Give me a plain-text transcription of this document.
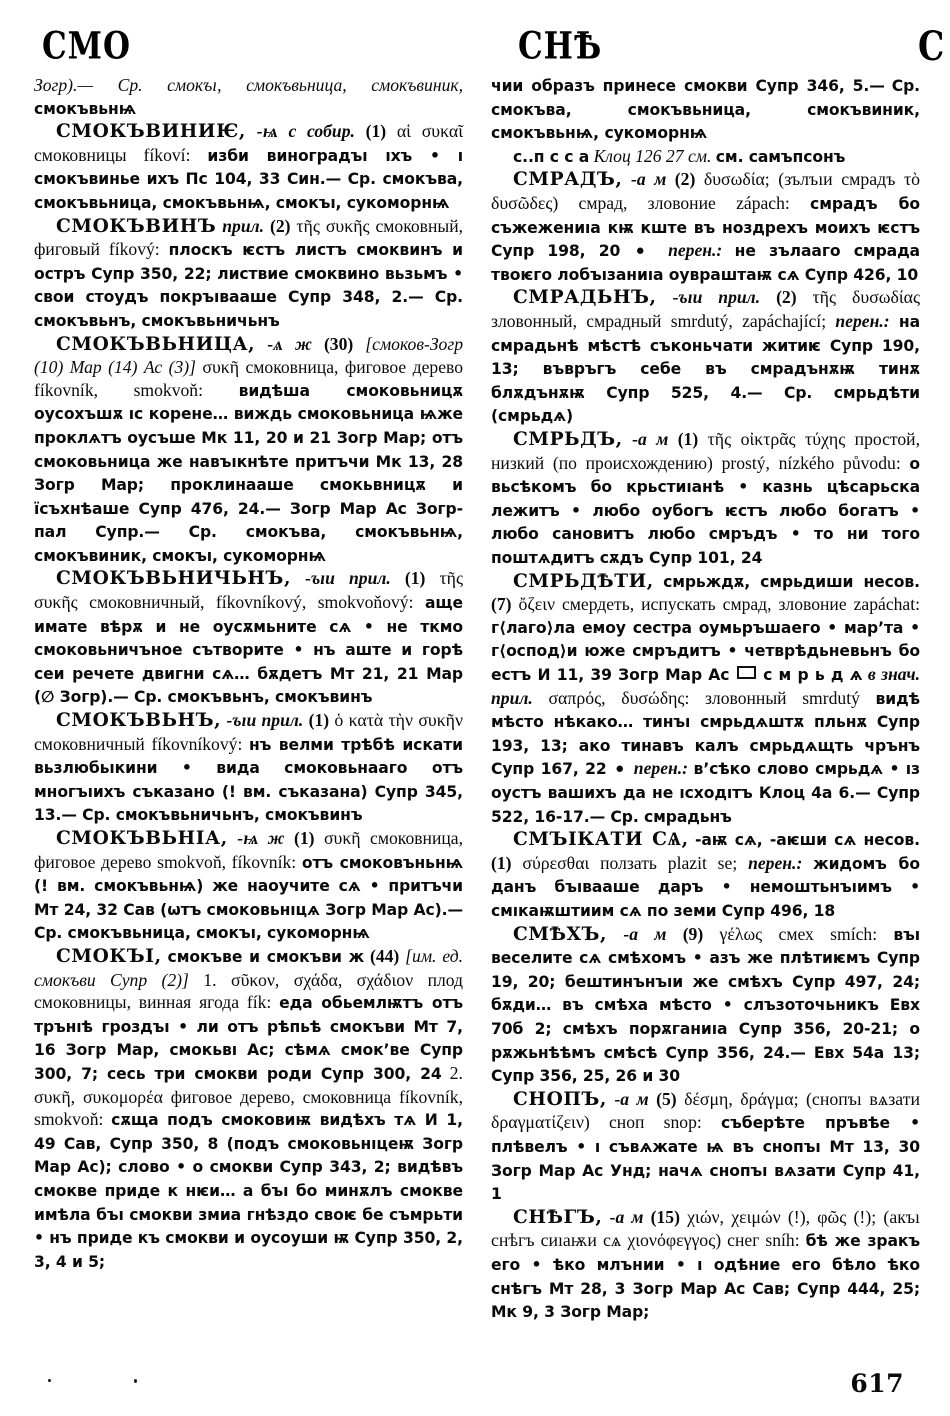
СМО	СНѢ	С

Зогр).— Ср. смокъı, смокъвьница, смокъвиник, смокъвьнѩ

СМОКЪВИНИѤ, -ѩ с собир. (1) αἱ συκαῖ смоковницы fíkoví: изби виноградъı ıхъ • ı смокъвинье ихъ Пс 104, 33 Син.— Ср. смокъва, смокъвьница, смокъвьнѩ, смокъı, сукоморнѩ

СМОКЪВИНЪ прил. (2) τῆς συκῆς смоковный, фиговый fíkový: плоскъ ѥстъ листъ смоквинъ и остръ Супр 350, 22; листвие смоквино вьзьмъ • свои стоудъ покръıвааше Супр 348, 2.— Ср. смокъвьнъ, смокъвьничьнъ

СМОКЪВЬНИЦА, -ѧ ж (30) [смоков-Зогр (10) Мар (14) Ас (3)] συκῆ смоковница, фиговое дерево fíkovník, smokvoň: видѣша смоковьницѫ оусохъшѫ ıс корене… виждь смоковьница ѩже проклѧтъ оусъше Мк 11, 20 и 21 Зогр Мар; отъ смоковьница же навъıкнѣте притъчи Мк 13, 28 Зогр Мар; проклинааше смокьвницѫ и їсъхнѣаше Супр 476, 24.— Зогр Мар Ас Зогр-пал Супр.— Ср. смокъва, смокъвьнѩ, смокъвиник, смокъı, сукоморнѩ

СМОКЪВЬНИЧЬНЪ, -ъıи прил. (1) τῆς συκῆς смоковничный, fíkovníkový, smokvoňový: аще имате вѣрѫ и не оусѫмьните сѧ • не ткмо смоковьничъное сътворите • нъ аште и горѣ сеи речете двигни сѧ… бѫдетъ Мт 21, 21 Мар (∅ Зогр).— Ср. смокъвьнъ, смокъвинъ

СМОКЪВЬНЪ, -ъıи прил. (1) ὁ κατὰ τὴν συκῆν смоковничный fíkovníkový: нъ велми трѣбѣ искати вьзлюбьıкини • вида смоковьнааго отъ многъıихъ съказано (! вм. съказана) Супр 345, 13.— Ср. смокъвьничьнъ, смокъвинъ

СМОКЪВЬНІА, -ѩ ж (1) συκῆ смоковница, фиговое дерево smokvoň, fíkovník: отъ смоковъньнѩ (! вм. смокъвьнѩ) же наоучите сѧ • притъчи Мт 24, 32 Сав (ѡтъ смоковьнıцѧ Зогр Мар Ас).— Ср. смокъвьница, смокъı, сукоморнѩ

СМОКЪI, смокъве и смокъви ж (44) [им. ед. смокъви Супр (2)] 1. σῦκον, σχάδα, σχάδιον плод смоковницы, винная ягода fík: еда обьемлѭтъ отъ трънıѣ гроздъı • ли отъ рѣпьѣ смокъви Мт 7, 16 Зогр Мар, смокьвı Ас; сѣмѧ смок’ве Супр 300, 7; сесь три смокви роди Супр 300, 24 2. συκῆ, συκομορέα фиговое дерево, смоковница fíkovník, smokvoň: сѫща подъ смоковиѭ видѣхъ тѧ И 1, 49 Сав, Супр 350, 8 (подъ смоковьнıцеѭ Зогр Мар Ас); слово • о смокви Супр 343, 2; видѣвъ смокве приде к нѥи… а бъı бо минѫлъ смокве имѣла бъı смокви змиа гнѣздо своѥ бе съмрьти • нъ приде къ смокви и оусоуши ѭ Супр 350, 2, 3, 4 и 5;

чии образъ принесе смокви Супр 346, 5.— Ср. смокъва, смокъвьница, смокъвиник, смокъвьнѩ, сукоморнѩ

с..п с с а Клоц 126 27 см. см. самъпсонъ

СМРАДЪ, -а м (2) δυσωδία; (зълъıи смрадъ τὸ δυσῶδες) смрад, зловоние zápach: смрадъ бо съжежениıа кѭ кште въ ноздрехъ моихъ ѥстъ Супр 198, 20 ● перен.: не зълааго смрада твоѥго лобъıзаниıа оувраштаѭ сѧ Супр 426, 10

СМРАДЬНЪ, -ъıи прил. (2) τῆς δυσωδίας зловонный, смрадный smrdutý, zapáchající; перен.: на смрадьнѣ мѣстѣ съконьчати житиѥ Супр 190, 13; въвръгъ себе въ смрадънѫѭ тинѫ блѫдънѫѭ Супр 525, 4.— Ср. смрьдѣти (смрьдѧ)

СМРЬДЪ, -а м (1) τῆς οἰκτρᾶς τύχης простой, низкий (по происхождению) prostý, nízkého původu: о вьсѣкомъ бо крьстиıанѣ • казнь цѣсарьска лежитъ • любо оубогъ ѥстъ любо богатъ • любо сановитъ любо смръдъ • то ни того поштѧдитъ сѫдъ Супр 101, 24

СМРЬДѢТИ, смрьждѫ, смрьдиши несов. (7) ὄζειν смердеть, испускать смрад, зловоние zapáchat: г⟨лаго⟩ла емоу сестра оумьръшаего • мар’та • г⟨оспод⟩и юже смръдитъ • четврѣдьневьнъ бо естъ И 11, 39 Зогр Мар Ас с м р ь д ѧ в знач. прил. σαπρός, δυσώδης: зловонный smrdutý видѣ мѣсто нѣкако… тинъı смрьдѧштѫ пльнѫ Супр 193, 13; ако тинавъ калъ смрьдѧщть чрънъ Супр 167, 22 ● перен.: в’сѣко слово смрьдѧ • ıз оустъ вашихъ да не ıсходıтъ Клоц 4а 6.— Супр 522, 16-17.— Ср. смрадьнъ

СМЪIКАТИ СѦ, -аѭ сѧ, -аѥши сѧ несов. (1) σύρεσθαι ползать plazit se; перен.: жидомъ бо данъ бъıвааше даръ • немоштьнъıимъ • смıкаѭштиим сѧ по земи Супр 496, 18

СМѢХЪ, -а м (9) γέλως смех smích: въı веселите сѧ смѣхомъ • азъ же плѣтиѥмъ Супр 19, 20; бештинънъıи же смѣхъ Супр 497, 24; бѫди… въ смѣха мѣсто • слъзоточьникъ Евх 70б 2; смѣхъ порѫганиıа Супр 356, 20-21; о рѫжьнѣѣмъ смѣсѣ Супр 356, 24.— Евх 54а 13; Супр 356, 25, 26 и 30

СНОПЪ, -а м (5) δέσμη, δράγμα; (снопъı вѧзати δραγματίζειν) сноп snop: съберѣте пръвѣе • плѣвелъ • ı съвѧжате ѩ въ снопъı Мт 13, 30 Зогр Мар Ас Унд; начѧ снопъı вѧзати Супр 41, 1

СНѢГЪ, -а м (15) χιών, χειμών (!), φῶς (!); (акъı снѣгъ сиıаѭи сѧ χιονόφεγγος) снег sníh: бѣ же зракъ его • ѣко млънии • ı одѣние его бѣло ѣко снѣгъ Мт 28, 3 Зогр Мар Ас Сав; Супр 444, 25; Мк 9, 3 Зогр Мар;

617
